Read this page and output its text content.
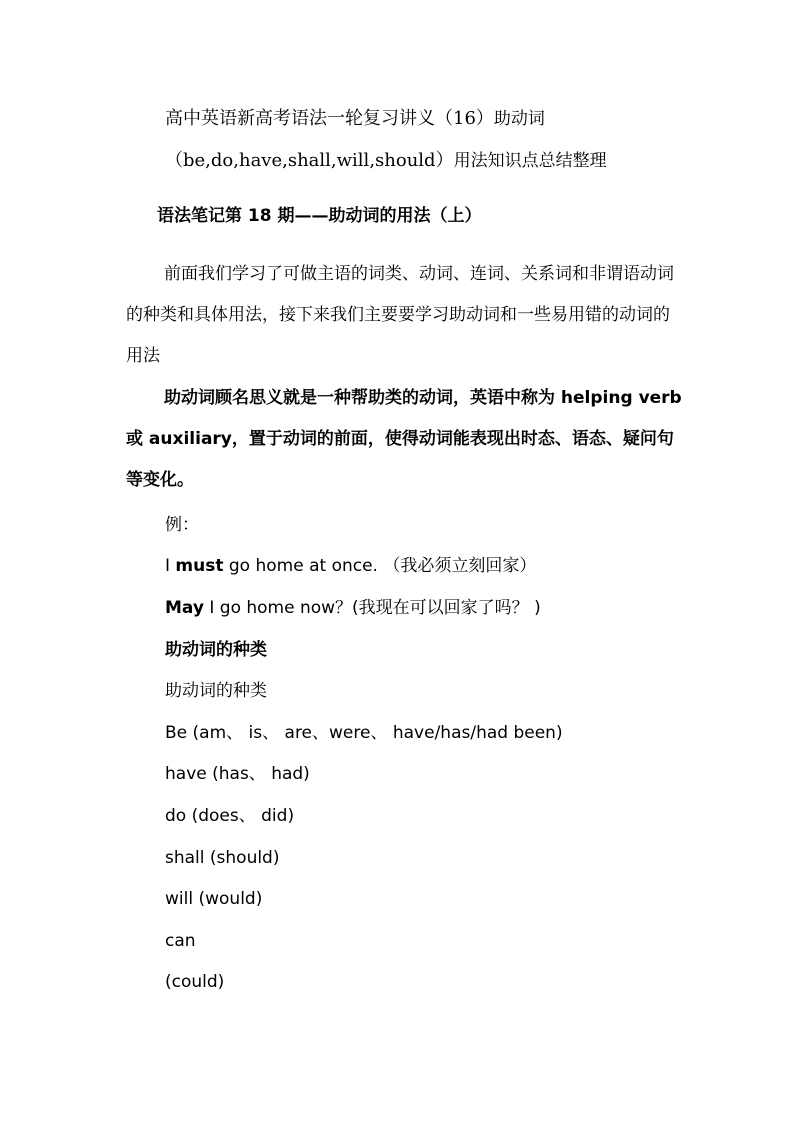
高中英语新高考语法一轮复习讲义（16）助动词
（be,do,have,shall,will,should）用法知识点总结整理
语法笔记第 18 期——助动词的用法（上）

前面我们学习了可做主语的词类、动词、连词、关系词和非谓语动词的种类和具体用法，接下来我们主要要学习助动词和一些易用错的动词的用法

助动词顾名思义就是一种帮助类的动词，英语中称为 helping verb 或 auxiliary，置于动词的前面，使得动词能表现出时态、语态、疑问句等变化。

例：
I must go home at once. （我必须立刻回家）
May I go home now？(我现在可以回家了吗？ )
助动词的种类
助动词的种类
Be (am、 is、 are、were、 have/has/had been)
have (has、 had)
do (does、 did)
shall (should)
will (would)
can
(could)
